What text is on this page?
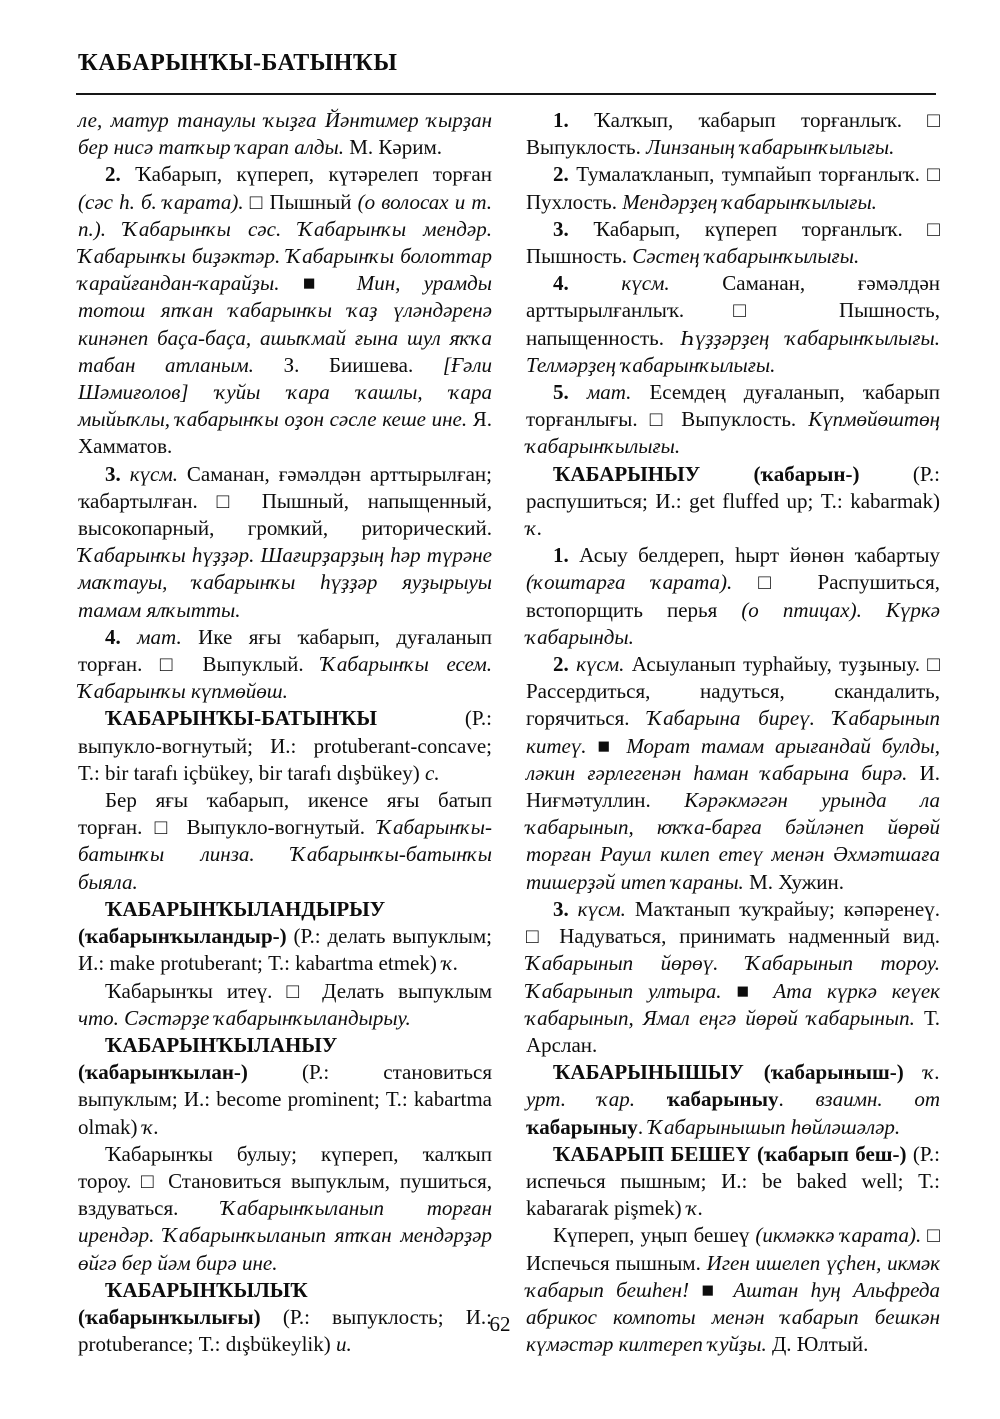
ҠАБАРЫНҠЫ-БАТЫНҠЫ

ле, матур танаулы ҡыҙға Йәнтимер ҡырҙан бер нисә тапҡыр ҡарап алды. М. Кәрим.

2. Ҡабарып, күпереп, күтәрелеп торған (сәс һ. б. ҡарата). □ Пышный (о волосах и т. п.). Ҡабарынҡы сәс. Ҡабарынҡы мендәр. Ҡабарынҡы биҙәктәр. Ҡабарынҡы болоттар ҡарайғандан-ҡарайҙы. ■ Мин, урамды тотош япҡан ҡабарынҡы ҡаҙ үләндәренә кинәнеп баҫа-баҫа, ашыҡмай ғына шул яҡҡа табан атланым. З. Биишева. [Ғәли Шәмиғолов] ҡуйы ҡара ҡашлы, ҡара мыйыҡлы, ҡабарынҡы оҙон сәсле кеше ине. Я. Хамматов.

3. күсм. Саманан, ғәмәлдән арттырылған; ҡабартылған. □ Пышный, напыщенный, высокопарный, громкий, риторический. Ҡабарынҡы һүҙҙәр. Шағирҙарҙың һәр түрәне маҡтауы, ҡабарынҡы һүҙҙәр яуҙырыуы тамам ялҡытты.

4. мат. Ике яғы ҡабарып, дуғаланып торған. □ Выпуклый. Ҡабарынҡы есем. Ҡабарынҡы күпмөйөш.

ҠАБАРЫНҠЫ-БАТЫНҠЫ (Р.: выпукло-вогнутый; И.: protuberant-concave; Т.: bir tarafı içbükey, bir tarafı dışbükey) с.

Бер яғы ҡабарып, икенсе яғы батып торған. □ Выпукло-вогнутый. Ҡабарынҡы-батынҡы линза. Ҡабарынҡы-батынҡы быяла.

ҠАБАРЫНҠЫЛАНДЫРЫУ (ҡабарынҡыландыр-) (Р.: делать выпуклым; И.: make protuberant; Т.: kabartma etmek) ҡ.

Ҡабарынҡы итеү. □ Делать выпуклым что. Сәстәрҙе ҡабарынҡыландырыу.

ҠАБАРЫНҠЫЛАНЫУ (ҡабарынҡылан-) (Р.: становиться выпуклым; И.: become prominent; Т.: kabartma olmak) ҡ.

Ҡабарынҡы булыу; күпереп, ҡалҡып тороу. □ Становиться выпуклым, пушиться, вздуваться. Ҡабарынҡыланып торған ирендәр. Ҡабарынҡыланып ятҡан мендәрҙәр өйгә бер йәм бирә ине.

ҠАБАРЫНҠЫЛЫҠ (ҡабарынҡылығы) (Р.: выпуклость; И.: protuberance; Т.: dışbükeylik) и.

1. Ҡалҡып, ҡабарып торғанлыҡ. □ Выпуклость. Линзаның ҡабарынҡылығы.

2. Тумалаҡланып, тумпайып торғанлыҡ. □ Пухлость. Мендәрҙең ҡабарынҡылығы.

3. Ҡабарып, күпереп торғанлыҡ. □ Пышность. Сәстең ҡабарынҡылығы.

4.	күсм. Саманан, ғәмәлдән арттырылғанлыҡ. □ Пышность, напыщенность. Һүҙҙәрҙең ҡабарынҡылығы. Телмәрҙең ҡабарынҡылығы.

5. мат. Есемдең дуғаланып, ҡабарып торғанлығы. □ Выпуклость. Күпмөйөштөң ҡабарынҡылығы.

ҠАБАРЫНЫУ (ҡабарын-) (Р.: распушиться; И.: get fluffed up; Т.: kabarmak) ҡ.

1. Асыу белдереп, һырт йөнөн ҡабартыу (ҡоштарға ҡарата). □ Распушиться, встопорщить перья (о птицах). Күркә ҡабарынды.

2. күсм. Асыуланып турһайыу, туҙыныу. □ Рассердиться, надуться, скандалить, горячиться. Ҡабарына биреү. Ҡабарынып китеү. ■ Морат тамам арығандай булды, ләкин ғәрлегенән һаман ҡабарына бирә. И. Ниғмәтуллин. Кәрәкмәгән урында ла ҡабарынып, юҡҡа-барға бәйләнеп йөрөй торған Рауил килеп етеү менән Әхмәтшаға тишерҙәй итеп ҡараны. М. Хужин.

3. күсм. Маҡтанып ҡуҡрайыу; кәпәренеү. □ Надуваться, принимать надменный вид. Ҡабарынып йөрөү. Ҡабарынып тороу. Ҡабарынып ултыра. ■ Ата күркә кеүек ҡабарынып, Ямал еңгә йөрөй ҡабарынып. Т. Арслан.

ҠАБАРЫНЫШЫУ (ҡабарыныш-) ҡ. урт. ҡар. ҡабарыныу. взаимн. от ҡабарыныу. Ҡабарынышып һөйләшәләр.

ҠАБАРЫП БЕШЕҮ (ҡабарып беш-) (Р.: испечься пышным; И.: be baked well; Т.: kabararak pişmek) ҡ.

Күпереп, уңып бешеү (икмәккә ҡарата). □ Испечься пышным. Иген ишелеп үҫһен, икмәк ҡабарып бешһен! ■ Аштан һуң Альфреда абрикос компоты менән ҡабарып бешкән күмәстәр килтереп ҡуйҙы. Д. Юлтый.

62
